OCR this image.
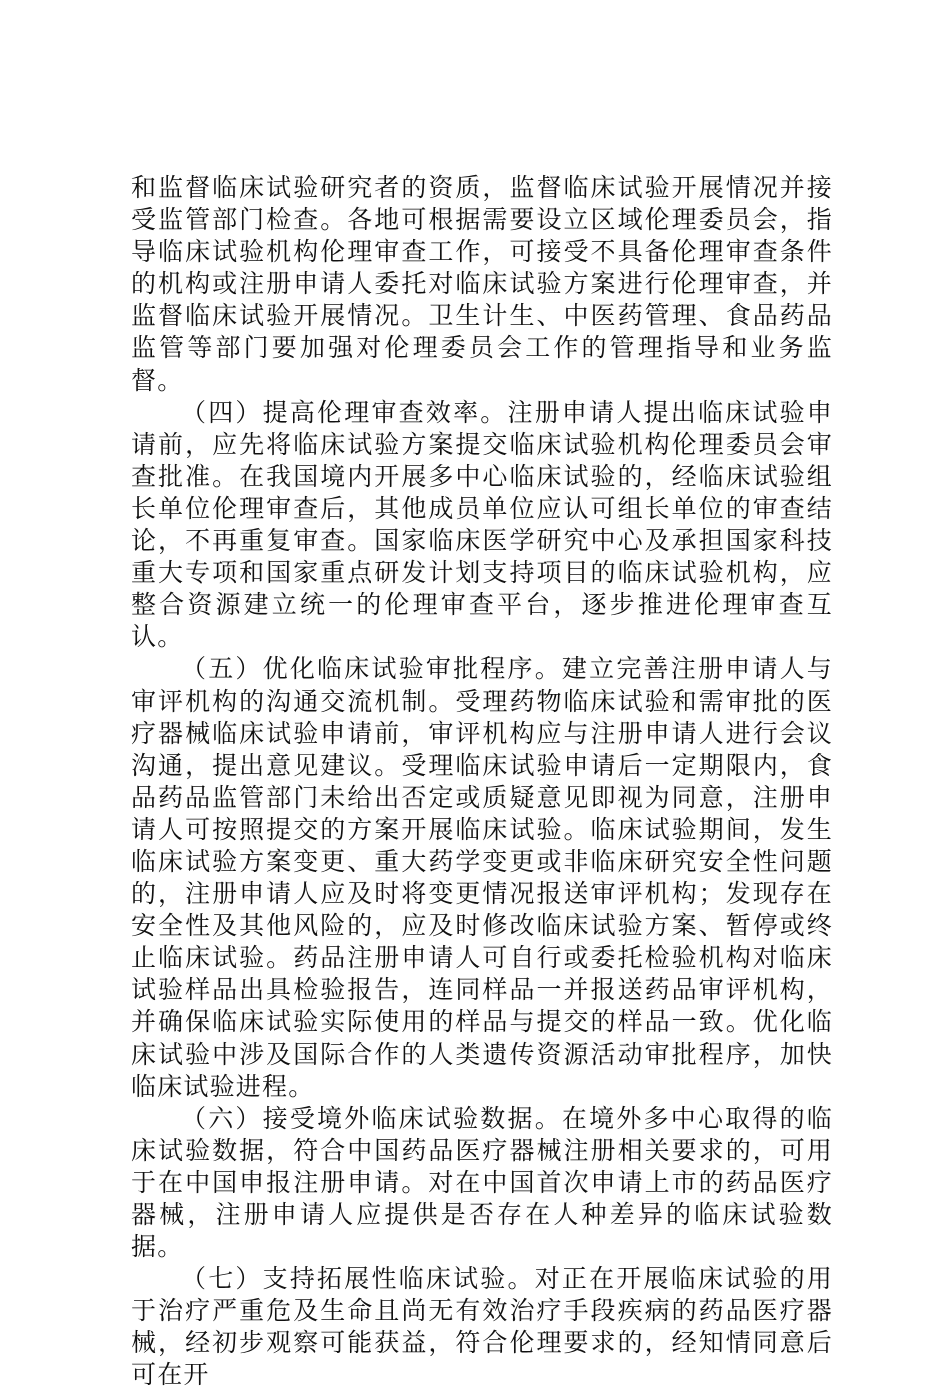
和监督临床试验研究者的资质，监督临床试验开展情况并接受监管部门检查。各地可根据需要设立区域伦理委员会，指导临床试验机构伦理审查工作，可接受不具备伦理审查条件的机构或注册申请人委托对临床试验方案进行伦理审查，并监督临床试验开展情况。卫生计生、中医药管理、食品药品监管等部门要加强对伦理委员会工作的管理指导和业务监督。

（四）提高伦理审查效率。注册申请人提出临床试验申请前，应先将临床试验方案提交临床试验机构伦理委员会审查批准。在我国境内开展多中心临床试验的，经临床试验组长单位伦理审查后，其他成员单位应认可组长单位的审查结论，不再重复审查。国家临床医学研究中心及承担国家科技重大专项和国家重点研发计划支持项目的临床试验机构，应整合资源建立统一的伦理审查平台，逐步推进伦理审查互认。

（五）优化临床试验审批程序。建立完善注册申请人与审评机构的沟通交流机制。受理药物临床试验和需审批的医疗器械临床试验申请前，审评机构应与注册申请人进行会议沟通，提出意见建议。受理临床试验申请后一定期限内，食品药品监管部门未给出否定或质疑意见即视为同意，注册申请人可按照提交的方案开展临床试验。临床试验期间，发生临床试验方案变更、重大药学变更或非临床研究安全性问题的，注册申请人应及时将变更情况报送审评机构；发现存在安全性及其他风险的，应及时修改临床试验方案、暂停或终止临床试验。药品注册申请人可自行或委托检验机构对临床试验样品出具检验报告，连同样品一并报送药品审评机构，并确保临床试验实际使用的样品与提交的样品一致。优化临床试验中涉及国际合作的人类遗传资源活动审批程序，加快临床试验进程。

（六）接受境外临床试验数据。在境外多中心取得的临床试验数据，符合中国药品医疗器械注册相关要求的，可用于在中国申报注册申请。对在中国首次申请上市的药品医疗器械，注册申请人应提供是否存在人种差异的临床试验数据。

（七）支持拓展性临床试验。对正在开展临床试验的用于治疗严重危及生命且尚无有效治疗手段疾病的药品医疗器械，经初步观察可能获益，符合伦理要求的，经知情同意后可在开
